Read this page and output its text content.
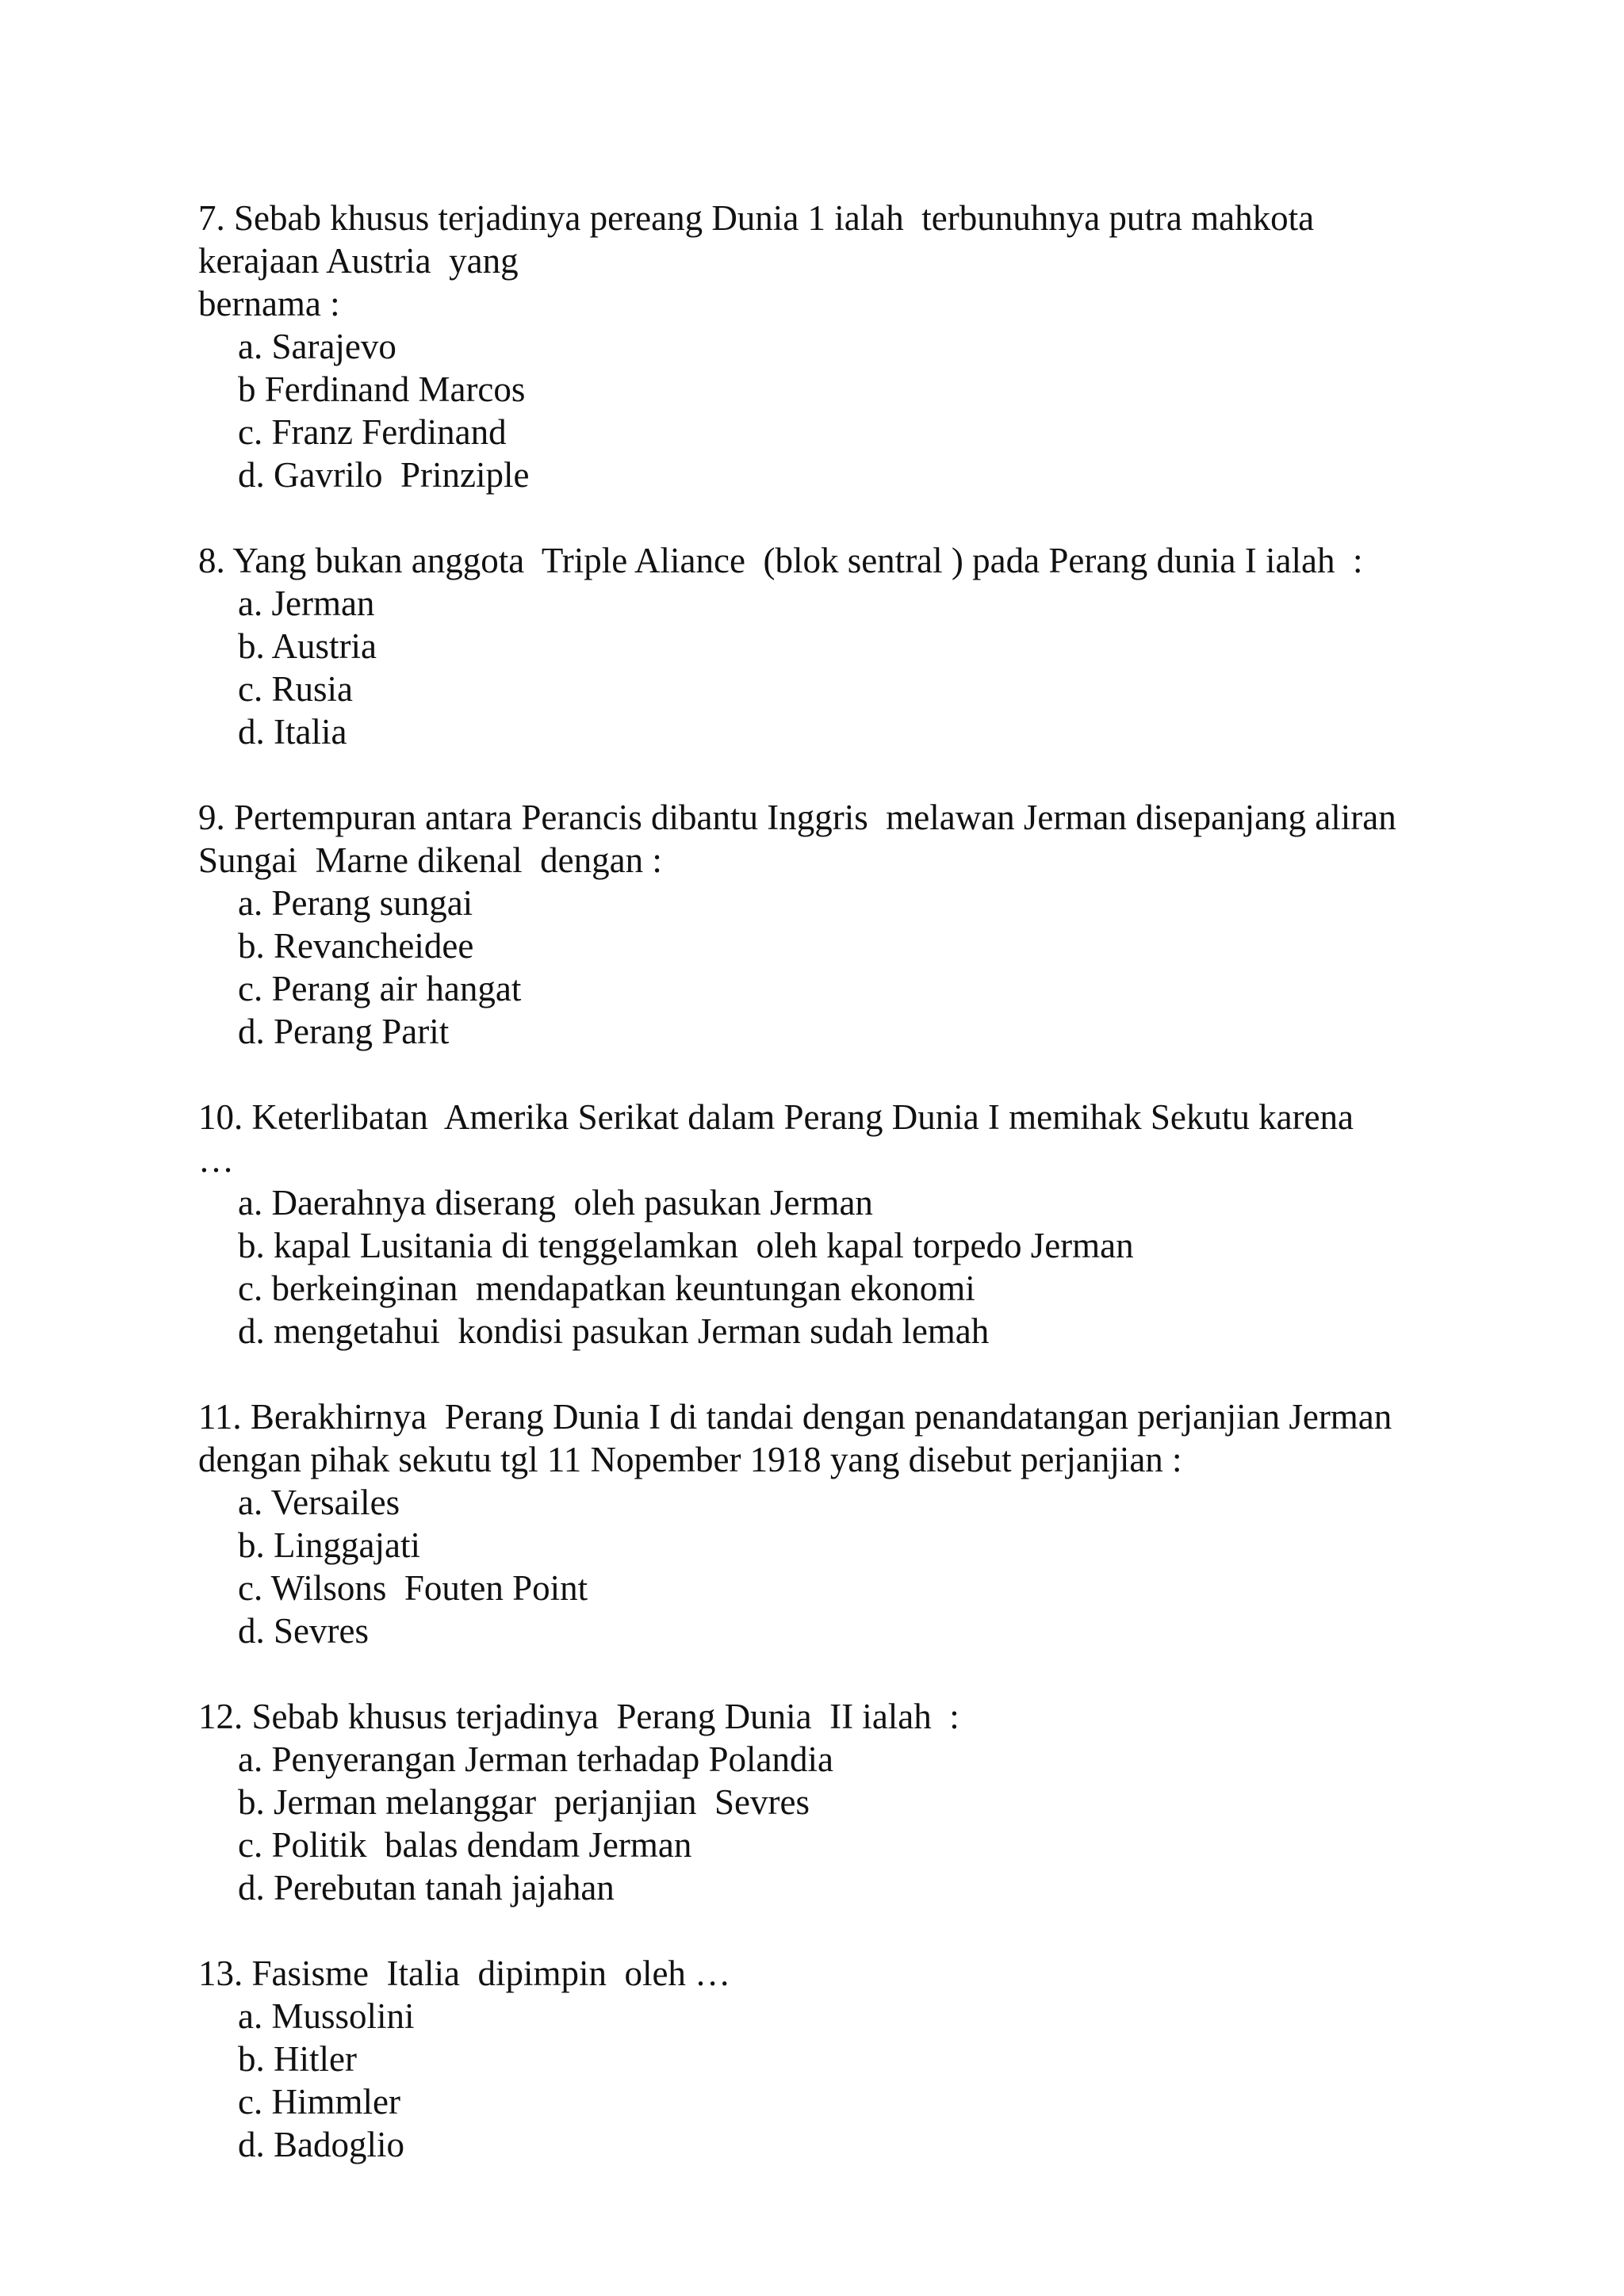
7. Sebab khusus terjadinya pereang Dunia 1 ialah  terbunuhnya putra mahkota
kerajaan Austria  yang
bernama :
a. Sarajevo
b Ferdinand Marcos
c. Franz Ferdinand
d. Gavrilo  Prinziple
8. Yang bukan anggota  Triple Aliance  (blok sentral ) pada Perang dunia I ialah  :
a. Jerman
b. Austria
c. Rusia
d. Italia
9. Pertempuran antara Perancis dibantu Inggris  melawan Jerman disepanjang aliran
Sungai  Marne dikenal  dengan :
a. Perang sungai
b. Revancheidee
c. Perang air hangat
d. Perang Parit
10. Keterlibatan  Amerika Serikat dalam Perang Dunia I memihak Sekutu karena
…
a. Daerahnya diserang  oleh pasukan Jerman
b. kapal Lusitania di tenggelamkan  oleh kapal torpedo Jerman
c. berkeinginan  mendapatkan keuntungan ekonomi
d. mengetahui  kondisi pasukan Jerman sudah lemah
11. Berakhirnya  Perang Dunia I di tandai dengan penandatangan perjanjian Jerman
dengan pihak sekutu tgl 11 Nopember 1918 yang disebut perjanjian :
a. Versailes
b. Linggajati
c. Wilsons  Fouten Point
d. Sevres
12. Sebab khusus terjadinya  Perang Dunia  II ialah  :
a. Penyerangan Jerman terhadap Polandia
b. Jerman melanggar  perjanjian  Sevres
c. Politik  balas dendam Jerman
d. Perebutan tanah jajahan
13. Fasisme  Italia  dipimpin  oleh …
a. Mussolini
b. Hitler
c. Himmler
d. Badoglio
